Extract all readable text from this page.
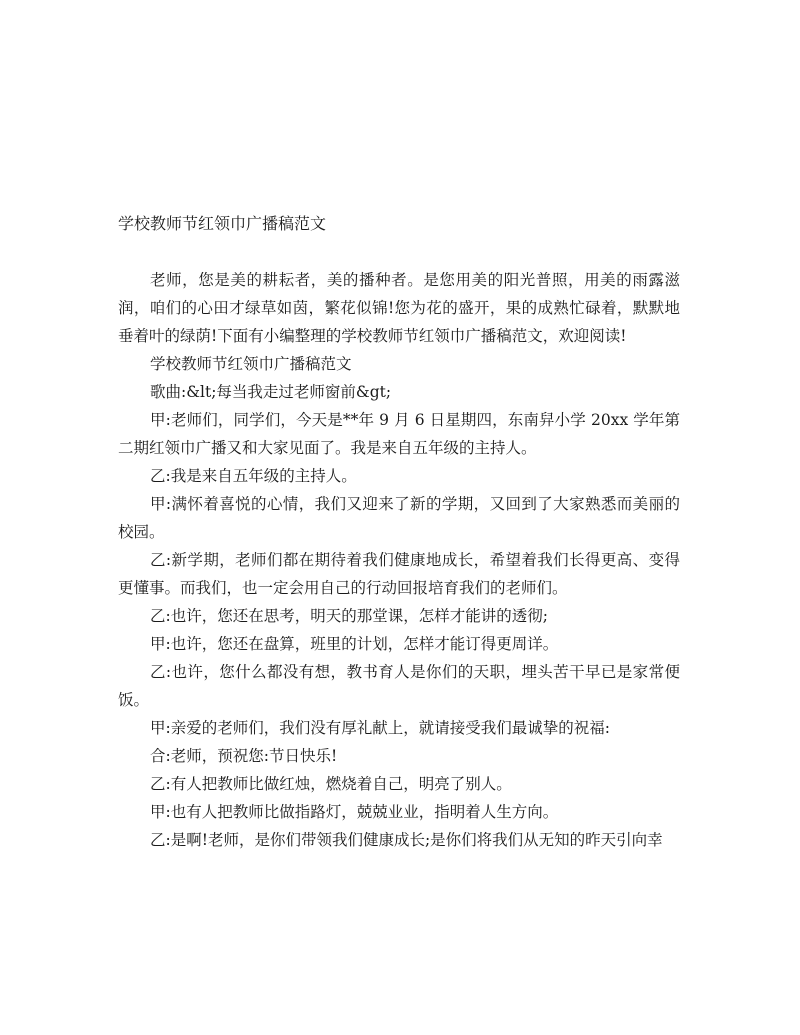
学校教师节红领巾广播稿范文

老师，您是美的耕耘者，美的播种者。是您用美的阳光普照，用美的雨露滋润，咱们的心田才绿草如茵，繁花似锦!您为花的盛开，果的成熟忙碌着，默默地垂着叶的绿荫!下面有小编整理的学校教师节红领巾广播稿范文，欢迎阅读!

学校教师节红领巾广播稿范文

歌曲:&lt;每当我走过老师窗前&gt;

甲:老师们，同学们，今天是**年 9 月 6 日星期四，东南舁小学 20xx 学年第二期红领巾广播又和大家见面了。我是来自五年级的主持人。

乙:我是来自五年级的主持人。

甲:满怀着喜悦的心情，我们又迎来了新的学期，又回到了大家熟悉而美丽的校园。

乙:新学期，老师们都在期待着我们健康地成长，希望着我们长得更高、变得更懂事。而我们，也一定会用自己的行动回报培育我们的老师们。

乙:也许，您还在思考，明天的那堂课，怎样才能讲的透彻;

甲:也许，您还在盘算，班里的计划，怎样才能订得更周详。

乙:也许，您什么都没有想，教书育人是你们的天职，埋头苦干早已是家常便饭。

甲:亲爱的老师们，我们没有厚礼献上，就请接受我们最诚挚的祝福:

合:老师，预祝您:节日快乐!

乙:有人把教师比做红烛，燃烧着自己，明亮了别人。

甲:也有人把教师比做指路灯，兢兢业业，指明着人生方向。

乙:是啊!老师，是你们带领我们健康成长;是你们将我们从无知的昨天引向幸
